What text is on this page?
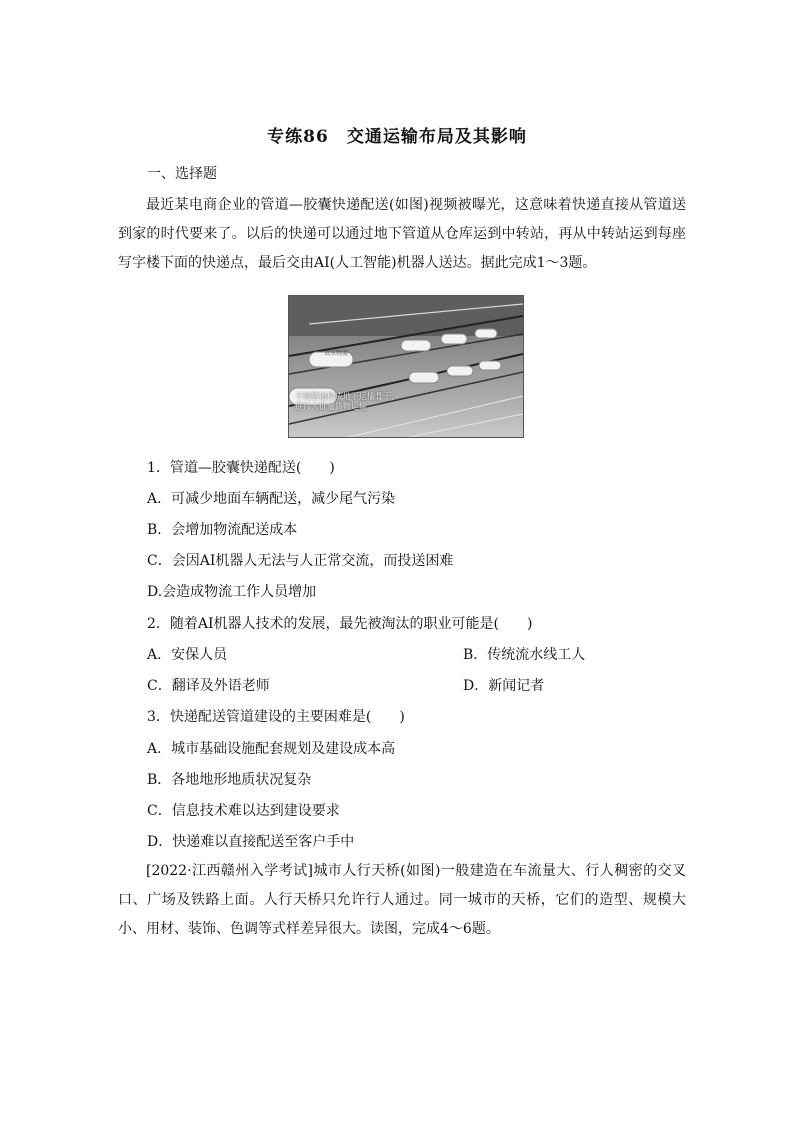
专练86　交通运输布局及其影响
一、选择题
最近某电商企业的管道—胶囊快递配送(如图)视频被曝光，这意味着快递直接从管道送到家的时代要来了。以后的快递可以通过地下管道从仓库运到中转站，再从中转站运到每座写字楼下面的快递点，最后交由AI(人工智能)机器人送达。据此完成1～3题。
京东物流
干线管道构成地下运输骨干，
进行大批量货物运输
1．管道—胶囊快递配送(　　)
A．可减少地面车辆配送，减少尾气污染
B．会增加物流配送成本
C．会因AI机器人无法与人正常交流，而投送困难
D.会造成物流工作人员增加
2．随着AI机器人技术的发展，最先被淘汰的职业可能是(　　)
A．安保人员	B．传统流水线工人
C．翻译及外语老师	D．新闻记者
3．快递配送管道建设的主要困难是(　　)
A．城市基础设施配套规划及建设成本高
B．各地地形地质状况复杂
C．信息技术难以达到建设要求
D．快递难以直接配送至客户手中
[2022·江西赣州入学考试]城市人行天桥(如图)一般建造在车流量大、行人稠密的交叉口、广场及铁路上面。人行天桥只允许行人通过。同一城市的天桥，它们的造型、规模大小、用材、装饰、色调等式样差异很大。读图，完成4～6题。
